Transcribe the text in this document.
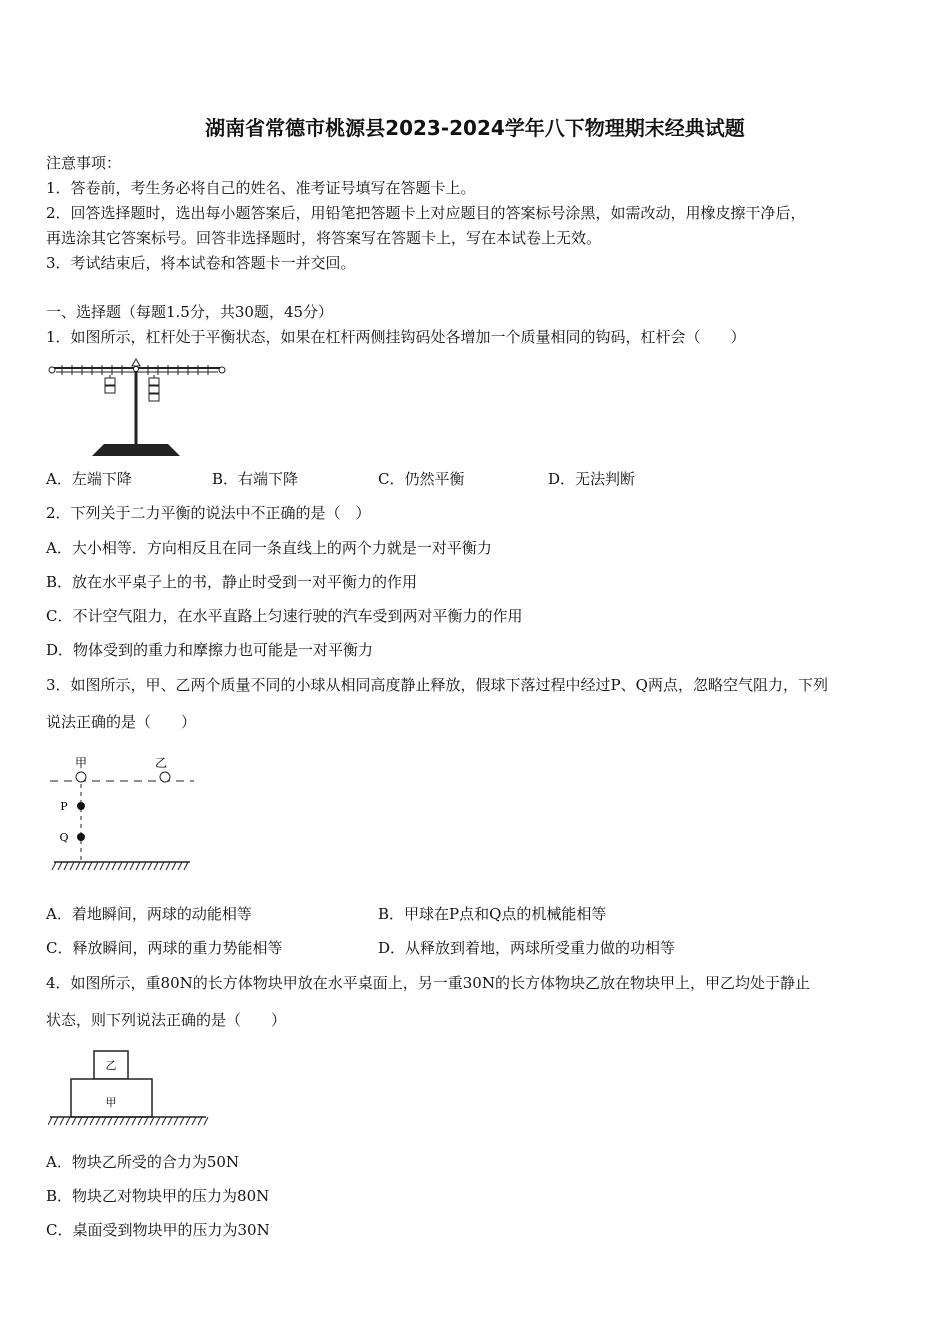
湖南省常德市桃源县2023-2024学年八下物理期末经典试题
注意事项：
1．答卷前，考生务必将自己的姓名、准考证号填写在答题卡上。
2．回答选择题时，选出每小题答案后，用铅笔把答题卡上对应题目的答案标号涂黑，如需改动，用橡皮擦干净后，
再选涂其它答案标号。回答非选择题时，将答案写在答题卡上，写在本试卷上无效。
3．考试结束后，将本试卷和答题卡一并交回。
一、选择题（每题1.5分，共30题，45分）
1．如图所示，杠杆处于平衡状态，如果在杠杆两侧挂钩码处各增加一个质量相同的钩码，杠杆会（　　）
A．左端下降	B．右端下降	C．仍然平衡	D．无法判断
2．下列关于二力平衡的说法中不正确的是（　）
A．大小相等．方向相反且在同一条直线上的两个力就是一对平衡力
B．放在水平桌子上的书，静止时受到一对平衡力的作用
C．不计空气阻力，在水平直路上匀速行驶的汽车受到两对平衡力的作用
D．物体受到的重力和摩擦力也可能是一对平衡力
3．如图所示，甲、乙两个质量不同的小球从相同高度静止释放，假球下落过程中经过P、Q两点，忽略空气阻力，下列
说法正确的是（　　）
甲	乙
P
Q
A．着地瞬间，两球的动能相等	B．甲球在P点和Q点的机械能相等
C．释放瞬间，两球的重力势能相等	D．从释放到着地，两球所受重力做的功相等
4．如图所示，重80N的长方体物块甲放在水平桌面上，另一重30N的长方体物块乙放在物块甲上，甲乙均处于静止
状态，则下列说法正确的是（　　）
乙
甲
A．物块乙所受的合力为50N
B．物块乙对物块甲的压力为80N
C．桌面受到物块甲的压力为30N
